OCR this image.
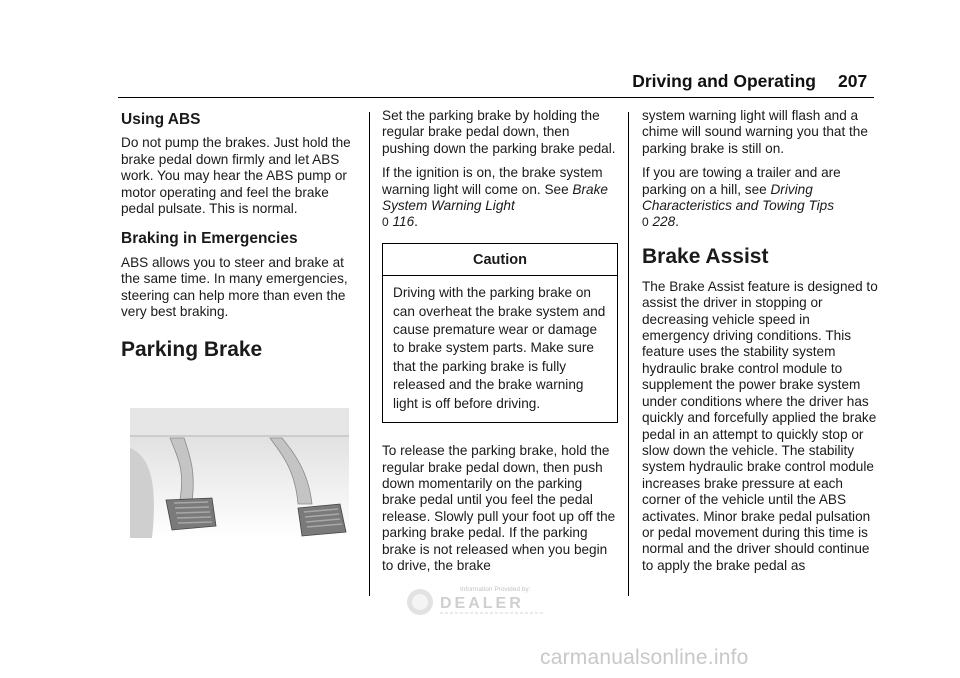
Driving and Operating 207
Using ABS

Do not pump the brakes. Just hold the brake pedal down firmly and let ABS work. You may hear the ABS pump or motor operating and feel the brake pedal pulsate. This is normal.

Braking in Emergencies

ABS allows you to steer and brake at the same time. In many emergencies, steering can help more than even the very best braking.

Parking Brake

Set the parking brake by holding the regular brake pedal down, then pushing down the parking brake pedal.

If the ignition is on, the brake system warning light will come on. See Brake System Warning Light
0 116.

Caution
Driving with the parking brake on can overheat the brake system and cause premature wear or damage to brake system parts. Make sure that the parking brake is fully released and the brake warning light is off before driving.

To release the parking brake, hold the regular brake pedal down, then push down momentarily on the parking brake pedal until you feel the pedal release. Slowly pull your foot up off the parking brake pedal. If the parking brake is not released when you begin to drive, the brake

system warning light will flash and a chime will sound warning you that the parking brake is still on.

If you are towing a trailer and are parking on a hill, see Driving Characteristics and Towing Tips
0 228.

Brake Assist

The Brake Assist feature is designed to assist the driver in stopping or decreasing vehicle speed in emergency driving conditions. This feature uses the stability system hydraulic brake control module to supplement the power brake system under conditions where the driver has quickly and forcefully applied the brake pedal in an attempt to quickly stop or slow down the vehicle. The stability system hydraulic brake control module increases brake pressure at each corner of the vehicle until the ABS activates. Minor brake pedal pulsation or pedal movement during this time is normal and the driver should continue to apply the brake pedal as

Information Provided by:
DEALER
carmanualsonline.info
